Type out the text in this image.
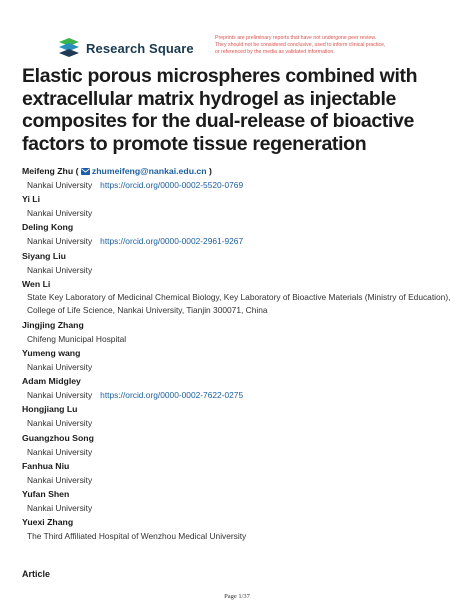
Research Square
Preprints are preliminary reports that have not undergone peer review.
They should not be considered conclusive, used to inform clinical practice,
or referenced by the media as validated information.
Elastic porous microspheres combined with extracellular matrix hydrogel as injectable composites for the dual-release of bioactive factors to promote tissue regeneration
Meifeng Zhu ( zhumeifeng@nankai.edu.cn )
Nankai University https://orcid.org/0000-0002-5520-0769
Yi Li
Nankai University
Deling Kong
Nankai University https://orcid.org/0000-0002-2961-9267
Siyang Liu
Nankai University
Wen Li
State Key Laboratory of Medicinal Chemical Biology, Key Laboratory of Bioactive Materials (Ministry of Education), College of Life Science, Nankai University, Tianjin 300071, China
Jingjing Zhang
Chifeng Municipal Hospital
Yumeng wang
Nankai University
Adam Midgley
Nankai University https://orcid.org/0000-0002-7622-0275
Hongjiang Lu
Nankai University
Guangzhou Song
Nankai University
Fanhua Niu
Nankai University
Yufan Shen
Nankai University
Yuexi Zhang
The Third Affiliated Hospital of Wenzhou Medical University
Article
Page 1/37
